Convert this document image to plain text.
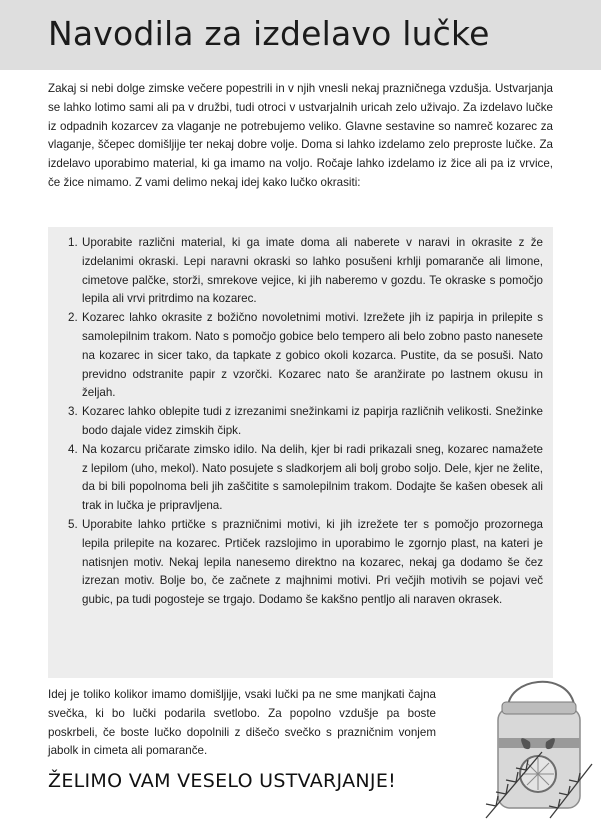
Navodila za izdelavo lučke

Zakaj si nebi dolge zimske večere popestrili in v njih vnesli nekaj prazničnega vzdušja. Ustvarjanja se lahko lotimo sami ali pa v družbi, tudi otroci v ustvarjalnih uricah zelo uživajo. Za izdelavo lučke iz odpadnih kozarcev za vlaganje ne potrebujemo veliko. Glavne sestavine so namreč kozarec za vlaganje, ščepec domišljije ter nekaj dobre volje. Doma si lahko izdelamo zelo preproste lučke. Za izdelavo uporabimo material, ki ga imamo na voljo. Ročaje lahko izdelamo iz žice ali pa iz vrvice, če žice nimamo. Z vami delimo nekaj idej kako lučko okrasiti:

1. Uporabite različni material, ki ga imate doma ali naberete v naravi in okrasite z že izdelanimi okraski. Lepi naravni okraski so lahko posušeni krhlji pomaranče ali limone, cimetove palčke, storži, smrekove vejice, ki jih naberemo v gozdu. Te okraske s pomočjo lepila ali vrvi pritrdimo na kozarec.
2. Kozarec lahko okrasite z božično novoletnimi motivi. Izrežete jih iz papirja in prilepite s samolepilnim trakom. Nato s pomočjo gobice belo tempero ali belo zobno pasto nanesete na kozarec in sicer tako, da tapkate z gobico okoli kozarca. Pustite, da se posuši. Nato previdno odstranite papir z vzorčki. Kozarec nato še aranžirate po lastnem okusu in željah.
3. Kozarec lahko oblepite tudi z izrezanimi snežinkami iz papirja različnih velikosti. Snežinke bodo dajale videz zimskih čipk.
4. Na kozarcu pričarate zimsko idilo. Na delih, kjer bi radi prikazali sneg, kozarec namažete z lepilom (uho, mekol). Nato posujete s sladkorjem ali bolj grobo soljo. Dele, kjer ne želite, da bi bili popolnoma beli jih zaščitite s samolepilnim trakom. Dodajte še kašen obesek ali trak in lučka je pripravljena.
5. Uporabite lahko prtičke s prazničnimi motivi, ki jih izrežete ter s pomočjo prozornega lepila prilepite na kozarec. Prtiček razslojimo in uporabimo le zgornjo plast, na kateri je natisnjen motiv. Nekaj lepila nanesemo direktno na kozarec, nekaj ga dodamo še čez izrezan motiv. Bolje bo, če začnete z majhnimi motivi. Pri večjih motivih se pojavi več gubic, pa tudi pogosteje se trgajo. Dodamo še kakšno pentljo ali naraven okrasek.

Idej je toliko kolikor imamo domišljije, vsaki lučki pa ne sme manjkati čajna svečka, ki bo lučki podarila svetlobo. Za popolno vzdušje pa boste poskrbeli, če boste lučko dopolnili z dišečo svečko s prazničnim vonjem jabolk in cimeta ali pomaranče.

ŽELIMO VAM VESELO USTVARJANJE!
